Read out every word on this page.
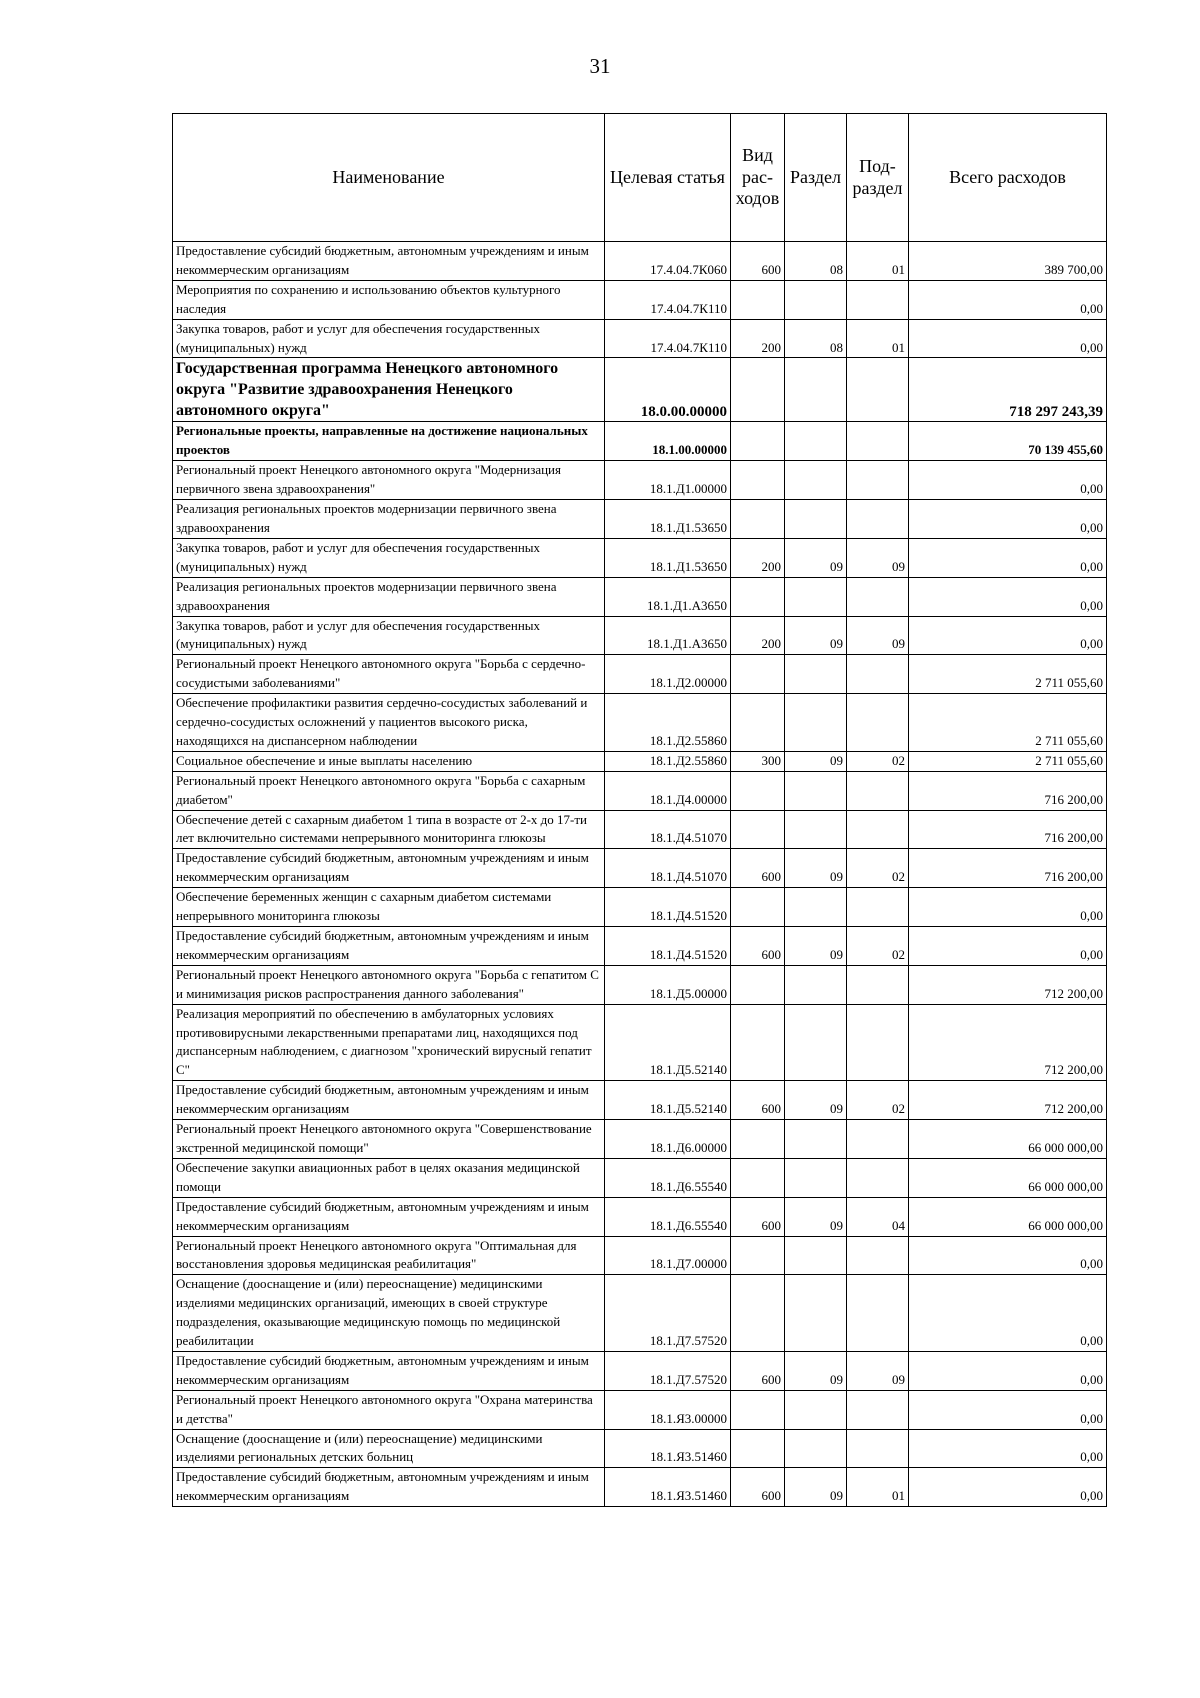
31
Наименование	Целевая статья	Вид рас- ходов	Раздел	Под- раздел	Всего расходов
Предоставление субсидий бюджетным, автономным учреждениям и иным некоммерческим организациям	17.4.04.7К060	600	08	01	389 700,00
Мероприятия по сохранению и использованию объектов культурного наследия	17.4.04.7К110				0,00
Закупка товаров, работ и услуг для обеспечения государственных (муниципальных) нужд	17.4.04.7К110	200	08	01	0,00
Государственная программа Ненецкого автономного округа "Развитие здравоохранения Ненецкого автономного округа"	18.0.00.00000				718 297 243,39
Региональные проекты, направленные на достижение национальных проектов	18.1.00.00000				70 139 455,60
Региональный проект Ненецкого автономного округа "Модернизация первичного звена здравоохранения"	18.1.Д1.00000				0,00
Реализация региональных проектов модернизации первичного звена здравоохранения	18.1.Д1.53650				0,00
Закупка товаров, работ и услуг для обеспечения государственных (муниципальных) нужд	18.1.Д1.53650	200	09	09	0,00
Реализация региональных проектов модернизации первичного звена здравоохранения	18.1.Д1.А3650				0,00
Закупка товаров, работ и услуг для обеспечения государственных (муниципальных) нужд	18.1.Д1.А3650	200	09	09	0,00
Региональный проект Ненецкого автономного округа "Борьба с сердечно-сосудистыми заболеваниями"	18.1.Д2.00000				2 711 055,60
Обеспечение профилактики развития сердечно-сосудистых заболеваний и сердечно-сосудистых осложнений у пациентов высокого риска, находящихся на диспансерном наблюдении	18.1.Д2.55860				2 711 055,60
Социальное обеспечение и иные выплаты населению	18.1.Д2.55860	300	09	02	2 711 055,60
Региональный проект Ненецкого автономного округа "Борьба с сахарным диабетом"	18.1.Д4.00000				716 200,00
Обеспечение детей с сахарным диабетом 1 типа в возрасте от 2-х до 17-ти лет включительно системами непрерывного мониторинга глюкозы	18.1.Д4.51070				716 200,00
Предоставление субсидий бюджетным, автономным учреждениям и иным некоммерческим организациям	18.1.Д4.51070	600	09	02	716 200,00
Обеспечение беременных женщин с сахарным диабетом системами непрерывного мониторинга глюкозы	18.1.Д4.51520				0,00
Предоставление субсидий бюджетным, автономным учреждениям и иным некоммерческим организациям	18.1.Д4.51520	600	09	02	0,00
Региональный проект Ненецкого автономного округа "Борьба с гепатитом С и минимизация рисков распространения данного заболевания"	18.1.Д5.00000				712 200,00
Реализация мероприятий по обеспечению в амбулаторных условиях противовирусными лекарственными препаратами лиц, находящихся под диспансерным наблюдением, с диагнозом "хронический вирусный гепатит С"	18.1.Д5.52140				712 200,00
Предоставление субсидий бюджетным, автономным учреждениям и иным некоммерческим организациям	18.1.Д5.52140	600	09	02	712 200,00
Региональный проект Ненецкого автономного округа "Совершенствование экстренной медицинской помощи"	18.1.Д6.00000				66 000 000,00
Обеспечение закупки авиационных работ в целях оказания медицинской помощи	18.1.Д6.55540				66 000 000,00
Предоставление субсидий бюджетным, автономным учреждениям и иным некоммерческим организациям	18.1.Д6.55540	600	09	04	66 000 000,00
Региональный проект Ненецкого автономного округа "Оптимальная для восстановления здоровья медицинская реабилитация"	18.1.Д7.00000				0,00
Оснащение (дооснащение и (или) переоснащение) медицинскими изделиями медицинских организаций, имеющих в своей структуре подразделения, оказывающие медицинскую помощь по медицинской реабилитации	18.1.Д7.57520				0,00
Предоставление субсидий бюджетным, автономным учреждениям и иным некоммерческим организациям	18.1.Д7.57520	600	09	09	0,00
Региональный проект Ненецкого автономного округа "Охрана материнства и детства"	18.1.Я3.00000				0,00
Оснащение (дооснащение и (или) переоснащение) медицинскими изделиями региональных детских больниц	18.1.Я3.51460				0,00
Предоставление субсидий бюджетным, автономным учреждениям и иным некоммерческим организациям	18.1.Я3.51460	600	09	01	0,00
